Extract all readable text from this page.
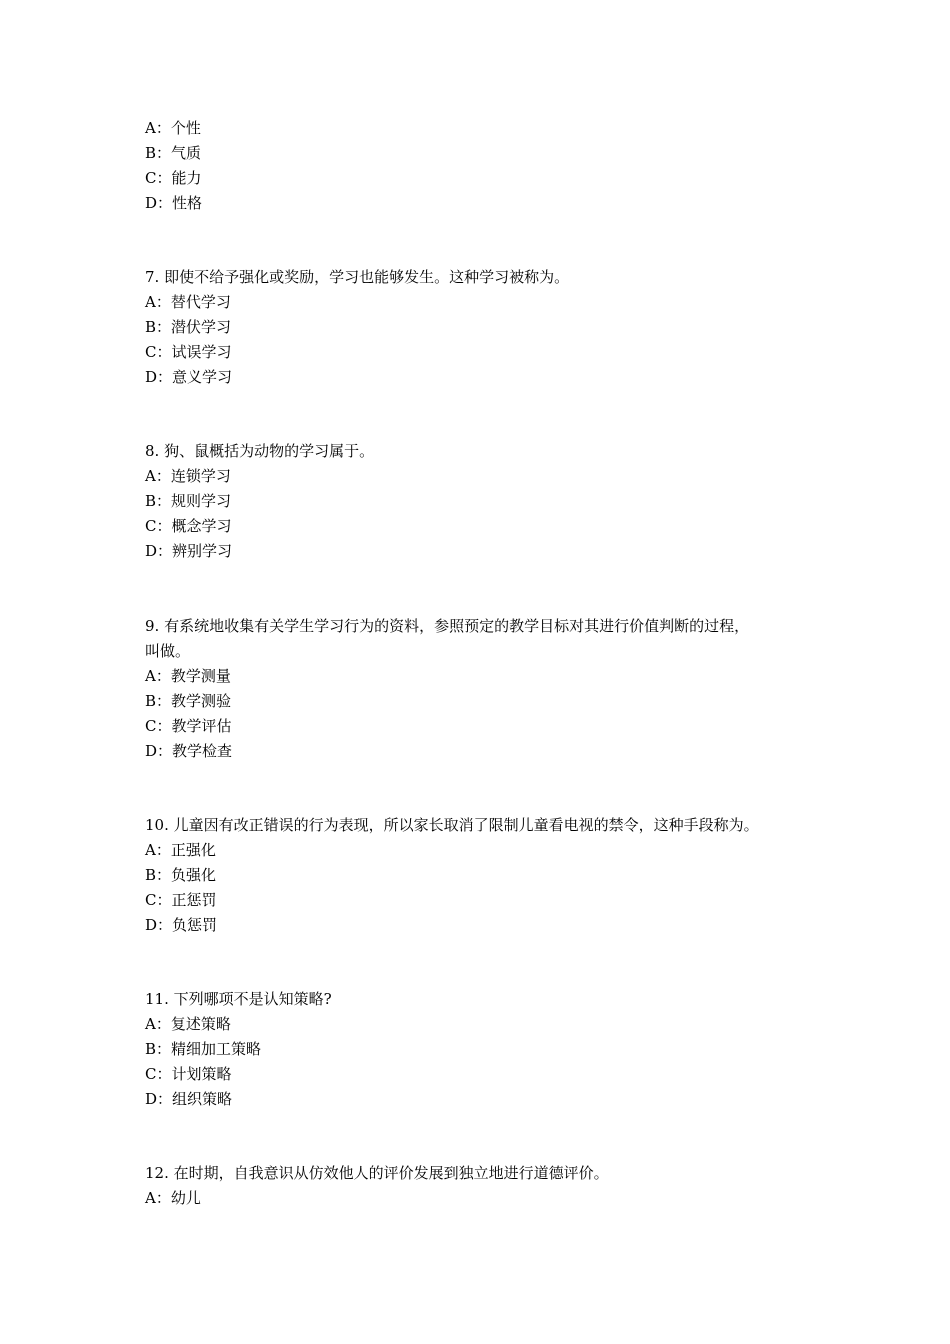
A：个性
B：气质
C：能力
D：性格
7. 即使不给予强化或奖励，学习也能够发生。这种学习被称为。
A：替代学习
B：潜伏学习
C：试误学习
D：意义学习
8. 狗、鼠概括为动物的学习属于。
A：连锁学习
B：规则学习
C：概念学习
D：辨别学习
9. 有系统地收集有关学生学习行为的资料，参照预定的教学目标对其进行价值判断的过程，
叫做。
A：教学测量
B：教学测验
C：教学评估
D：教学检查
10. 儿童因有改正错误的行为表现，所以家长取消了限制儿童看电视的禁令，这种手段称为。
A：正强化
B：负强化
C：正惩罚
D：负惩罚
11. 下列哪项不是认知策略?
A：复述策略
B：精细加工策略
C：计划策略
D：组织策略
12. 在时期，自我意识从仿效他人的评价发展到独立地进行道德评价。
A：幼儿
